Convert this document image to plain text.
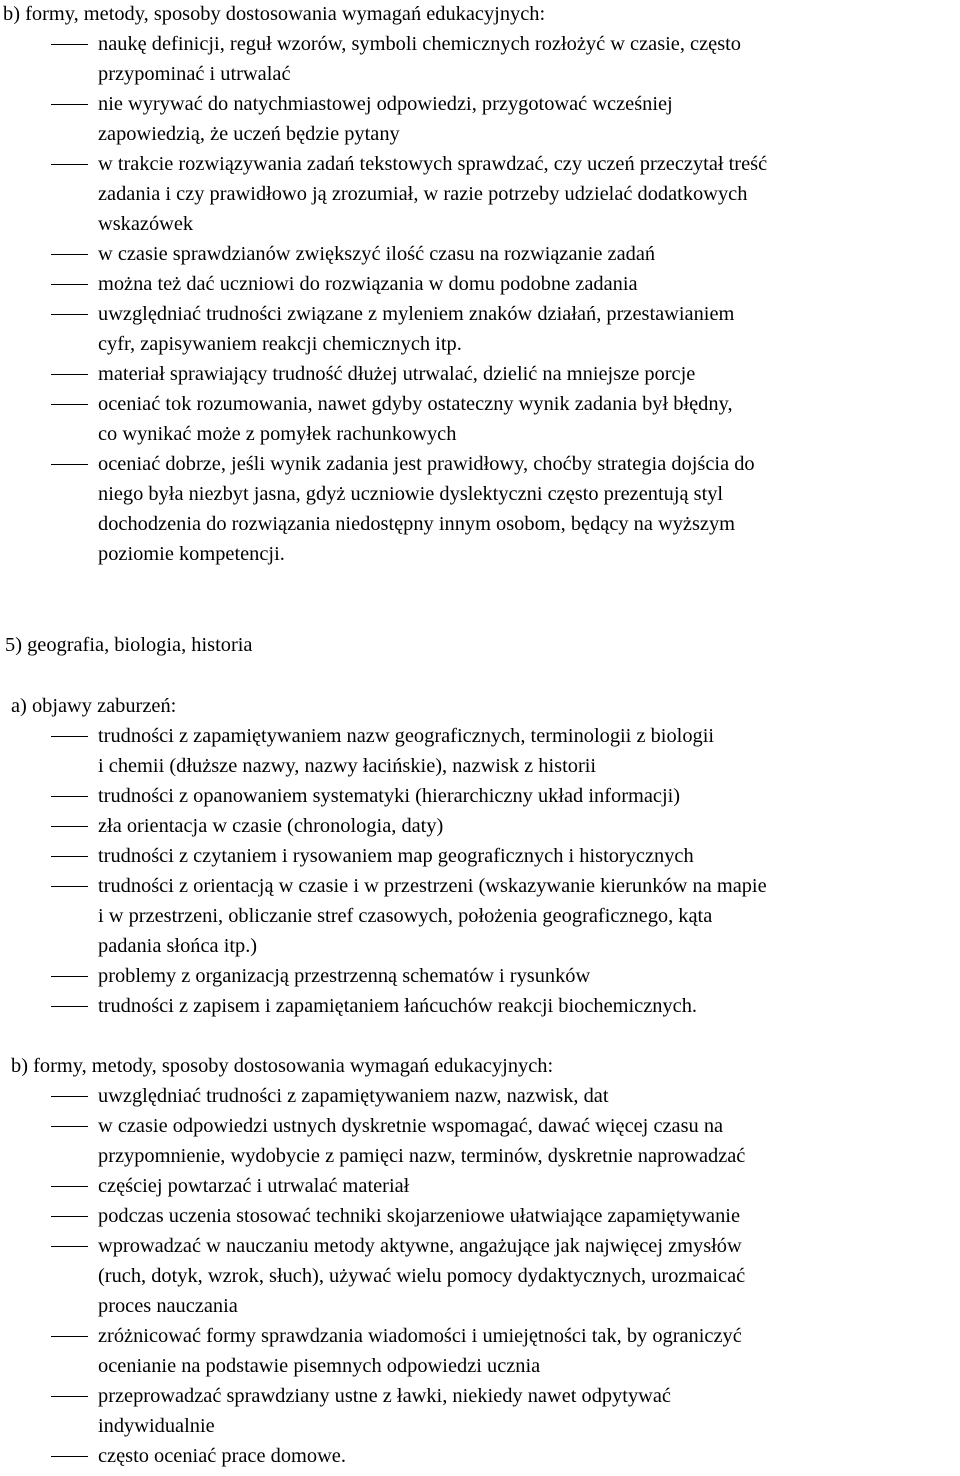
b) formy, metody, sposoby dostosowania wymagań edukacyjnych:
naukę definicji, reguł wzorów, symboli chemicznych rozłożyć w czasie, często
przypominać i utrwalać
nie wyrywać do natychmiastowej odpowiedzi, przygotować wcześniej
zapowiedzią, że uczeń będzie pytany
w trakcie rozwiązywania zadań tekstowych sprawdzać, czy uczeń przeczytał treść
zadania i czy prawidłowo ją zrozumiał, w razie potrzeby udzielać dodatkowych
wskazówek
w czasie sprawdzianów zwiększyć ilość czasu na rozwiązanie zadań
można też dać uczniowi do rozwiązania w domu podobne zadania
uwzględniać trudności związane z myleniem znaków działań, przestawianiem
cyfr, zapisywaniem reakcji chemicznych itp.
materiał sprawiający trudność dłużej utrwalać, dzielić na mniejsze porcje
oceniać tok rozumowania, nawet gdyby ostateczny wynik zadania był błędny,
co wynikać może z pomyłek rachunkowych
oceniać dobrze, jeśli wynik zadania jest prawidłowy, choćby strategia dojścia do
niego była niezbyt jasna, gdyż uczniowie dyslektyczni często prezentują styl
dochodzenia do rozwiązania niedostępny innym osobom, będący na wyższym
poziomie kompetencji.
5) geografia, biologia, historia
a) objawy zaburzeń:
trudności z zapamiętywaniem nazw geograficznych, terminologii z biologii
i chemii (dłuższe nazwy, nazwy łacińskie), nazwisk z historii
trudności z opanowaniem systematyki (hierarchiczny układ informacji)
zła orientacja w czasie (chronologia, daty)
trudności z czytaniem i rysowaniem map geograficznych i historycznych
trudności z orientacją w czasie i w przestrzeni (wskazywanie kierunków na mapie
i w przestrzeni, obliczanie stref czasowych, położenia geograficznego, kąta
padania słońca itp.)
problemy z organizacją przestrzenną schematów i rysunków
trudności z zapisem i zapamiętaniem łańcuchów reakcji biochemicznych.
b) formy, metody, sposoby dostosowania wymagań edukacyjnych:
uwzględniać trudności z zapamiętywaniem nazw, nazwisk, dat
w czasie odpowiedzi ustnych dyskretnie wspomagać, dawać więcej czasu na
przypomnienie, wydobycie z pamięci nazw, terminów, dyskretnie naprowadzać
częściej powtarzać i utrwalać materiał
podczas uczenia stosować techniki skojarzeniowe ułatwiające zapamiętywanie
wprowadzać w nauczaniu metody aktywne, angażujące jak najwięcej zmysłów
(ruch, dotyk, wzrok, słuch), używać wielu pomocy dydaktycznych, urozmaicać
proces nauczania
zróżnicować formy sprawdzania wiadomości i umiejętności tak, by ograniczyć
ocenianie na podstawie pisemnych odpowiedzi ucznia
przeprowadzać sprawdziany ustne z ławki, niekiedy nawet odpytywać
indywidualnie
często oceniać prace domowe.
